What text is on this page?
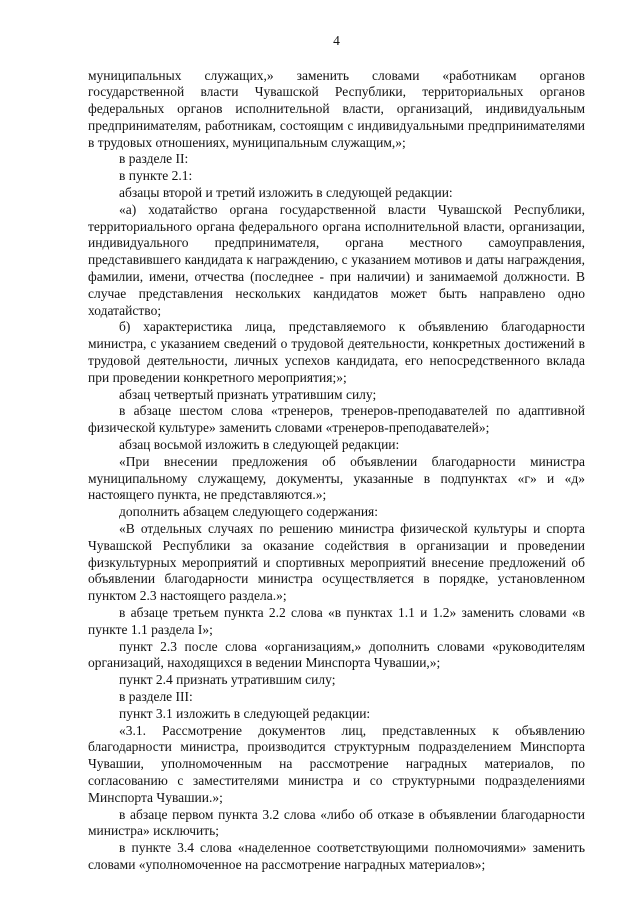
4

муниципальных служащих,» заменить словами «работникам органов государственной власти Чувашской Республики, территориальных органов федеральных органов исполнительной власти, организаций, индивидуальным предпринимателям, работникам, состоящим с индивидуальными предпринимателями в трудовых отношениях, муниципальным служащим,»;

в разделе II:

в пункте 2.1:

абзацы второй и третий изложить в следующей редакции:

«а) ходатайство органа государственной власти Чувашской Республики, территориального органа федерального органа исполнительной власти, организации, индивидуального предпринимателя, органа местного самоуправления, представившего кандидата к награждению, с указанием мотивов и даты награждения, фамилии, имени, отчества (последнее - при наличии) и занимаемой должности. В случае представления нескольких кандидатов может быть направлено одно ходатайство;

б) характеристика лица, представляемого к объявлению благодарности министра, с указанием сведений о трудовой деятельности, конкретных достижений в трудовой деятельности, личных успехов кандидата, его непосредственного вклада при проведении конкретного мероприятия;»;

абзац четвертый признать утратившим силу;

в абзаце шестом слова «тренеров, тренеров-преподавателей по адаптивной физической культуре» заменить словами «тренеров-преподавателей»;

абзац восьмой изложить в следующей редакции:

«При внесении предложения об объявлении благодарности министра муниципальному служащему, документы, указанные в подпунктах «г» и «д» настоящего пункта, не представляются.»;

дополнить абзацем следующего содержания:

«В отдельных случаях по решению министра физической культуры и спорта Чувашской Республики за оказание содействия в организации и проведении физкультурных мероприятий и спортивных мероприятий внесение предложений об объявлении благодарности министра осуществляется в порядке, установленном пунктом 2.3 настоящего раздела.»;

в абзаце третьем пункта 2.2 слова «в пунктах 1.1 и 1.2» заменить словами «в пункте 1.1 раздела I»;

пункт 2.3 после слова «организациям,» дополнить словами «руководителям организаций, находящихся в ведении Минспорта Чувашии,»;

пункт 2.4 признать утратившим силу;

в разделе III:

пункт 3.1 изложить в следующей редакции:

«3.1. Рассмотрение документов лиц, представленных к объявлению благодарности министра, производится структурным подразделением Минспорта Чувашии, уполномоченным на рассмотрение наградных материалов, по согласованию с заместителями министра и со структурными подразделениями Минспорта Чувашии.»;

в абзаце первом пункта 3.2 слова «либо об отказе в объявлении благодарности министра» исключить;

в пункте 3.4 слова «наделенное соответствующими полномочиями» заменить словами «уполномоченное на рассмотрение наградных материалов»;
